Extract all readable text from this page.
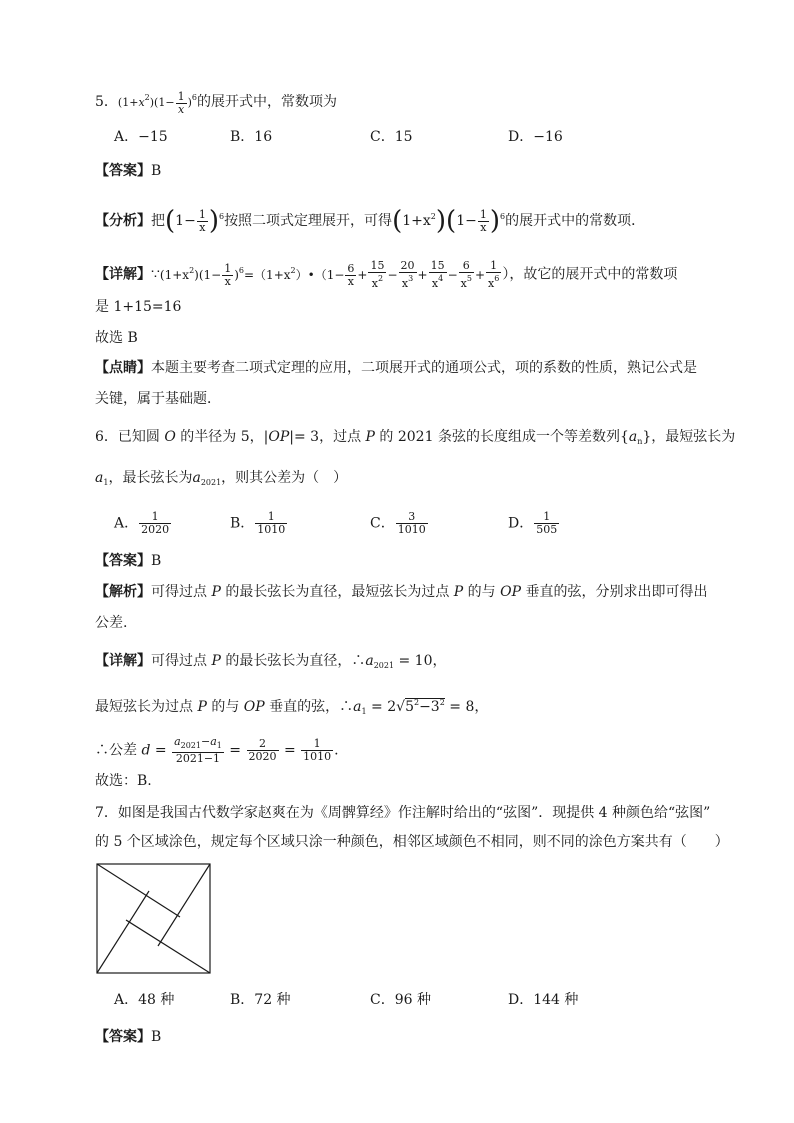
5．$(1+x^2)(1- \frac{1}{x} )^6$的展开式中，常数项为
A．−15	B．16	C．15	D．−16
【答案】B
【分析】把$(1- \frac{1}{x} )^6$按照二项式定理展开，可得$(1+x^2)(1- \frac{1}{x} )^6$的展开式中的常数项．
【详解】$\because(1+x^2)(1- \frac{1}{x}$ )$^6=(1+x^2)•(1- \frac{6}{x} + \frac{15}{x^2} - \frac{20}{x^3} + \frac{15}{x^4} - \frac{6}{x^5} + \frac{1}{x^6}$ ），故它的展开式中的常数项
是 1+15=16
故选 B
【点睛】本题主要考查二项式定理的应用，二项展开式的通项公式，项的系数的性质，熟记公式是
关键，属于基础题．
6．已知圆 O 的半径为 5，|OP|= 3，过点 P 的 2021 条弦的长度组成一个等差数列$\{a_n\}$，最短弦长为
$a_1$，最长弦长为$a_{2021}$，则其公差为（　）
A． $\frac{1}{2020}$	B． $\frac{1}{1010}$	C． $\frac{3}{1010}$	D． $\frac{1}{505}$
【答案】B
【解析】可得过点 P 的最长弦长为直径，最短弦长为过点 P 的与 OP 垂直的弦，分别求出即可得出
公差.
【详解】可得过点 P 的最长弦长为直径，$\therefore a_{2021} = 10$，
最短弦长为过点 P 的与 OP 垂直的弦，$\therefore a_1 = 2√5^2-3^2 = 8$，
∴公差 $d = \frac{a_{2021}-a_1}{2021-1} = \frac{2}{2020} = \frac{1}{1010}$ .
故选：B.
7．如图是我国古代数学家赵爽在为《周髀算经》作注解时给出的“弦图”．现提供 4 种颜色给“弦图”
的 5 个区域涂色，规定每个区域只涂一种颜色，相邻区域颜色不相同，则不同的涂色方案共有（　　）
A．48 种	B．72 种	C．96 种	D．144 种
【答案】B
